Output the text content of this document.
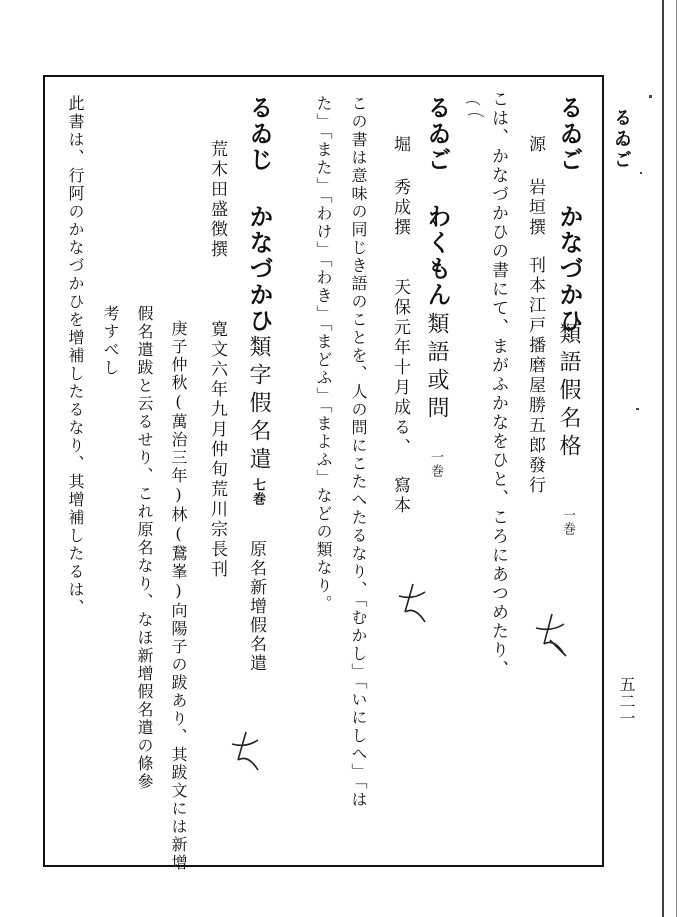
るゐご
五二一
るゐご かなづかひ
類語假名格
一巻
源 岩垣撰刊本江戸播磨屋勝五郎發行
こは、かなづかひの書にて、まがふかなをひと、ころにあつめたり、
るゐご わくもん
類語或問
一巻
堀 秀成撰天保元年十月成る、寫本
この書は意味の同じき語のことを、人の問にこたへたるなり、「むかし」「いにしへ」「は
た」「また」「わけ」「わき」「まどふ」「まよふ」などの類なり。
るゐじ かなづかひ
類字假名遣
七巻
原名新增假名遣
荒木田盛徴撰
寛文六年九月仲旬荒川宗長刊
庚子仲秋(萬治三年)林(鵞峯)向陽子の跋あり、其跋文には新增
假名遣跋と云るせり、これ原名なり、なほ新增假名遣の條參
考すべし
此書は、行阿のかなづかひを增補したるなり、其增補したるは、
